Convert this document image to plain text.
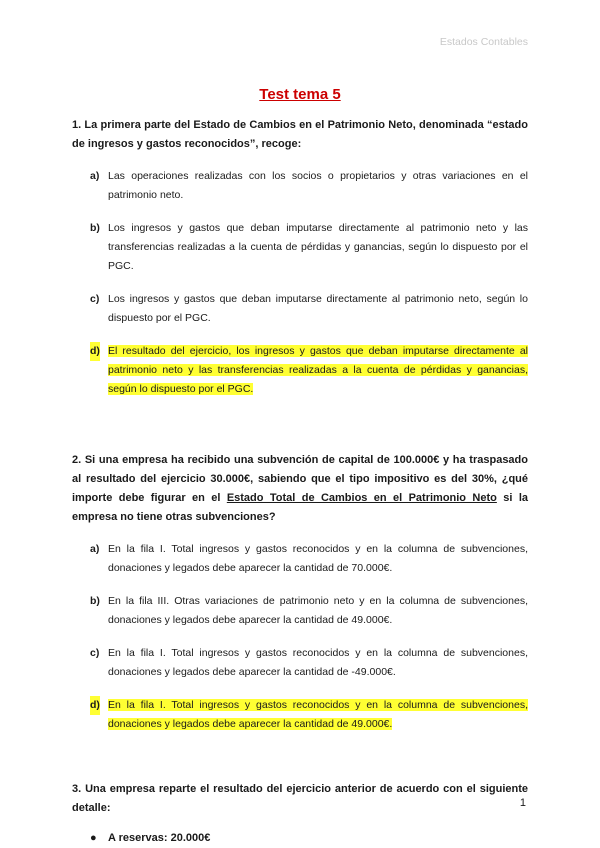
Estados Contables
Test tema 5

1. La primera parte del Estado de Cambios en el Patrimonio Neto, denominada “estado de ingresos y gastos reconocidos”, recoge:

a) Las operaciones realizadas con los socios o propietarios y otras variaciones en el patrimonio neto.
b) Los ingresos y gastos que deban imputarse directamente al patrimonio neto y las transferencias realizadas a la cuenta de pérdidas y ganancias, según lo dispuesto por el PGC.
c) Los ingresos y gastos que deban imputarse directamente al patrimonio neto, según lo dispuesto por el PGC.
d) El resultado del ejercicio, los ingresos y gastos que deban imputarse directamente al patrimonio neto y las transferencias realizadas a la cuenta de pérdidas y ganancias, según lo dispuesto por el PGC.

2. Si una empresa ha recibido una subvención de capital de 100.000€ y ha traspasado al resultado del ejercicio 30.000€, sabiendo que el tipo impositivo es del 30%, ¿qué importe debe figurar en el Estado Total de Cambios en el Patrimonio Neto si la empresa no tiene otras subvenciones?

a) En la fila I. Total ingresos y gastos reconocidos y en la columna de subvenciones, donaciones y legados debe aparecer la cantidad de 70.000€.
b) En la fila III. Otras variaciones de patrimonio neto y en la columna de subvenciones, donaciones y legados debe aparecer la cantidad de 49.000€.
c) En la fila I. Total ingresos y gastos reconocidos y en la columna de subvenciones, donaciones y legados debe aparecer la cantidad de -49.000€.
d) En la fila I. Total ingresos y gastos reconocidos y en la columna de subvenciones, donaciones y legados debe aparecer la cantidad de 49.000€.

3. Una empresa reparte el resultado del ejercicio anterior de acuerdo con el siguiente detalle:

● A reservas: 20.000€
1
